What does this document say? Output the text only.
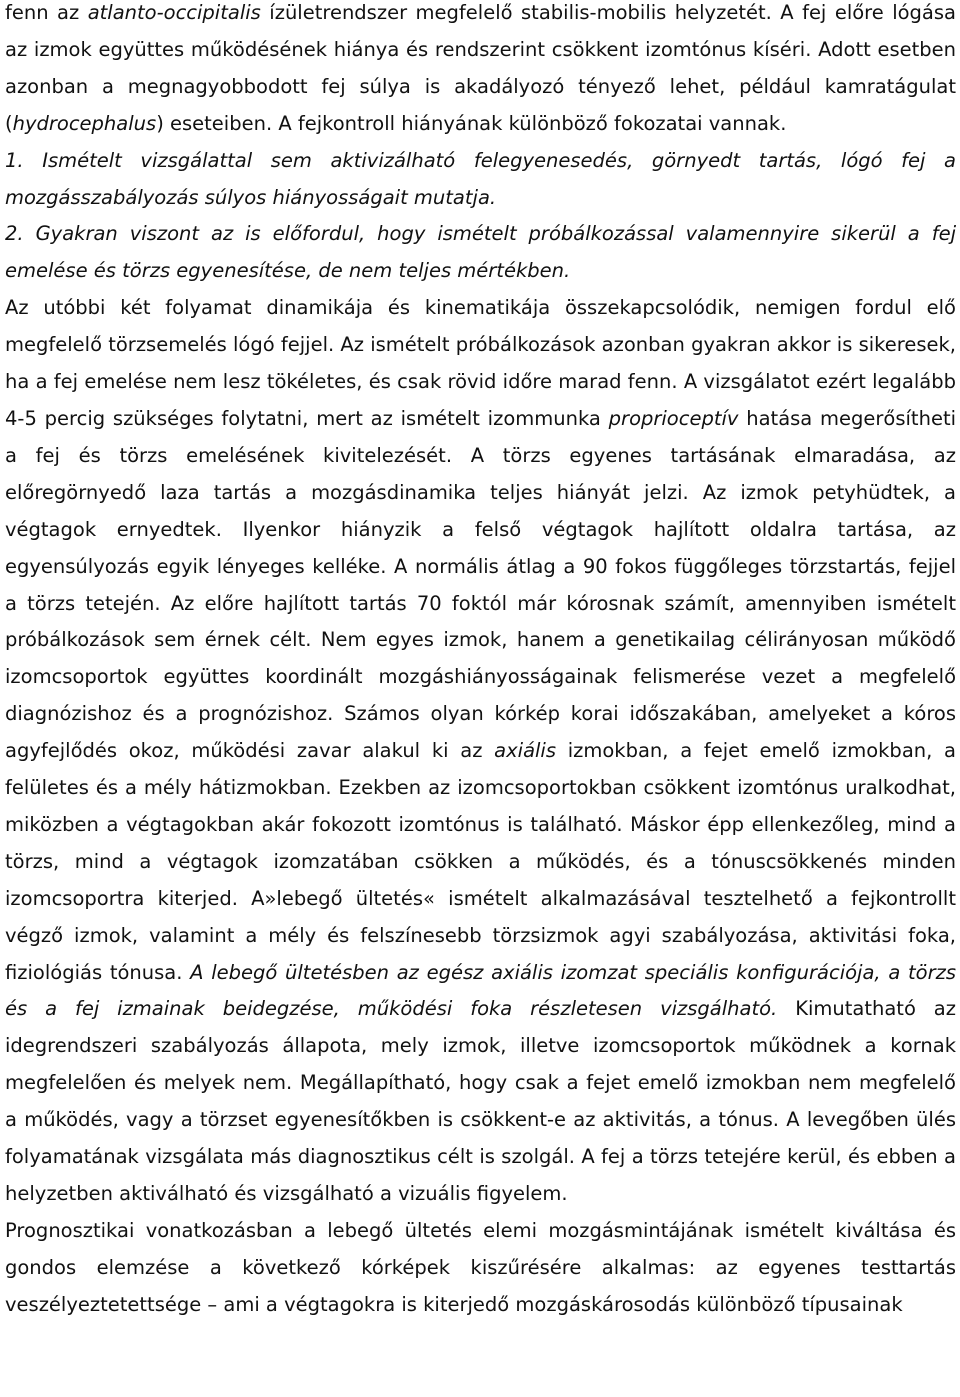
fenn az atlanto-occipitalis ízületrendszer megfelelő stabilis-mobilis helyzetét. A fej előre lógása az izmok együttes működésének hiánya és rendszerint csökkent izomtónus kíséri. Adott esetben azonban a megnagyobbodott fej súlya is akadályozó tényező lehet, például kamratágulat (hydrocephalus) eseteiben. A fejkontroll hiányának különböző fokozatai vannak.

1. Ismételt vizsgálattal sem aktivizálható felegyenesedés, görnyedt tartás, lógó fej a mozgásszabályozás súlyos hiányosságait mutatja.

2. Gyakran viszont az is előfordul, hogy ismételt próbálkozással valamennyire sikerül a fej emelése és törzs egyenesítése, de nem teljes mértékben.

Az utóbbi két folyamat dinamikája és kinematikája összekapcsolódik, nemigen fordul elő megfelelő törzsemelés lógó fejjel. Az ismételt próbálkozások azonban gyakran akkor is sikeresek, ha a fej emelése nem lesz tökéletes, és csak rövid időre marad fenn. A vizsgálatot ezért legalább 4-5 percig szükséges folytatni, mert az ismételt izommunka proprioceptív hatása megerősítheti a fej és törzs emelésének kivitelezését. A törzs egyenes tartásának elmaradása, az előregörnyedő laza tartás a mozgásdinamika teljes hiányát jelzi. Az izmok petyhüdtek, a végtagok ernyedtek. Ilyenkor hiányzik a felső végtagok hajlított oldalra tartása, az egyensúlyozás egyik lényeges kelléke. A normális átlag a 90 fokos függőleges törzstartás, fejjel a törzs tetején. Az előre hajlított tartás 70 foktól már kórosnak számít, amennyiben ismételt próbálkozások sem érnek célt. Nem egyes izmok, hanem a genetikailag célirányosan működő izomcsoportok együttes koordinált mozgáshiányosságainak felismerése vezet a megfelelő diagnózishoz és a prognózishoz. Számos olyan kórkép korai időszakában, amelyeket a kóros agyfejlődés okoz, működési zavar alakul ki az axiális izmokban, a fejet emelő izmokban, a felületes és a mély hátizmokban. Ezekben az izomcsoportokban csökkent izomtónus uralkodhat, miközben a végtagokban akár fokozott izomtónus is található. Máskor épp ellenkezőleg, mind a törzs, mind a végtagok izomzatában csökken a működés, és a tónuscsökkenés minden izomcsoportra kiterjed. A»lebegő ültetés« ismételt alkalmazásával tesztelhető a fejkontrollt végző izmok, valamint a mély és felszínesebb törzsizmok agyi szabályozása, aktivitási foka, fiziológiás tónusa. A lebegő ültetésben az egész axiális izomzat speciális konfigurációja, a törzs és a fej izmainak beidegzése, működési foka részletesen vizsgálható. Kimutatható az idegrendszeri szabályozás állapota, mely izmok, illetve izomcsoportok működnek a kornak megfelelően és melyek nem. Megállapítható, hogy csak a fejet emelő izmokban nem megfelelő a működés, vagy a törzset egyenesítőkben is csökkent-e az aktivitás, a tónus. A levegőben ülés folyamatának vizsgálata más diagnosztikus célt is szolgál. A fej a törzs tetejére kerül, és ebben a helyzetben aktiválható és vizsgálható a vizuális figyelem.

Prognosztikai vonatkozásban a lebegő ültetés elemi mozgásmintájának ismételt kiváltása és gondos elemzése a következő kórképek kiszűrésére alkalmas: az egyenes testtartás veszélyeztetettsége – ami a végtagokra is kiterjedő mozgáskárosodás különböző típusainak
